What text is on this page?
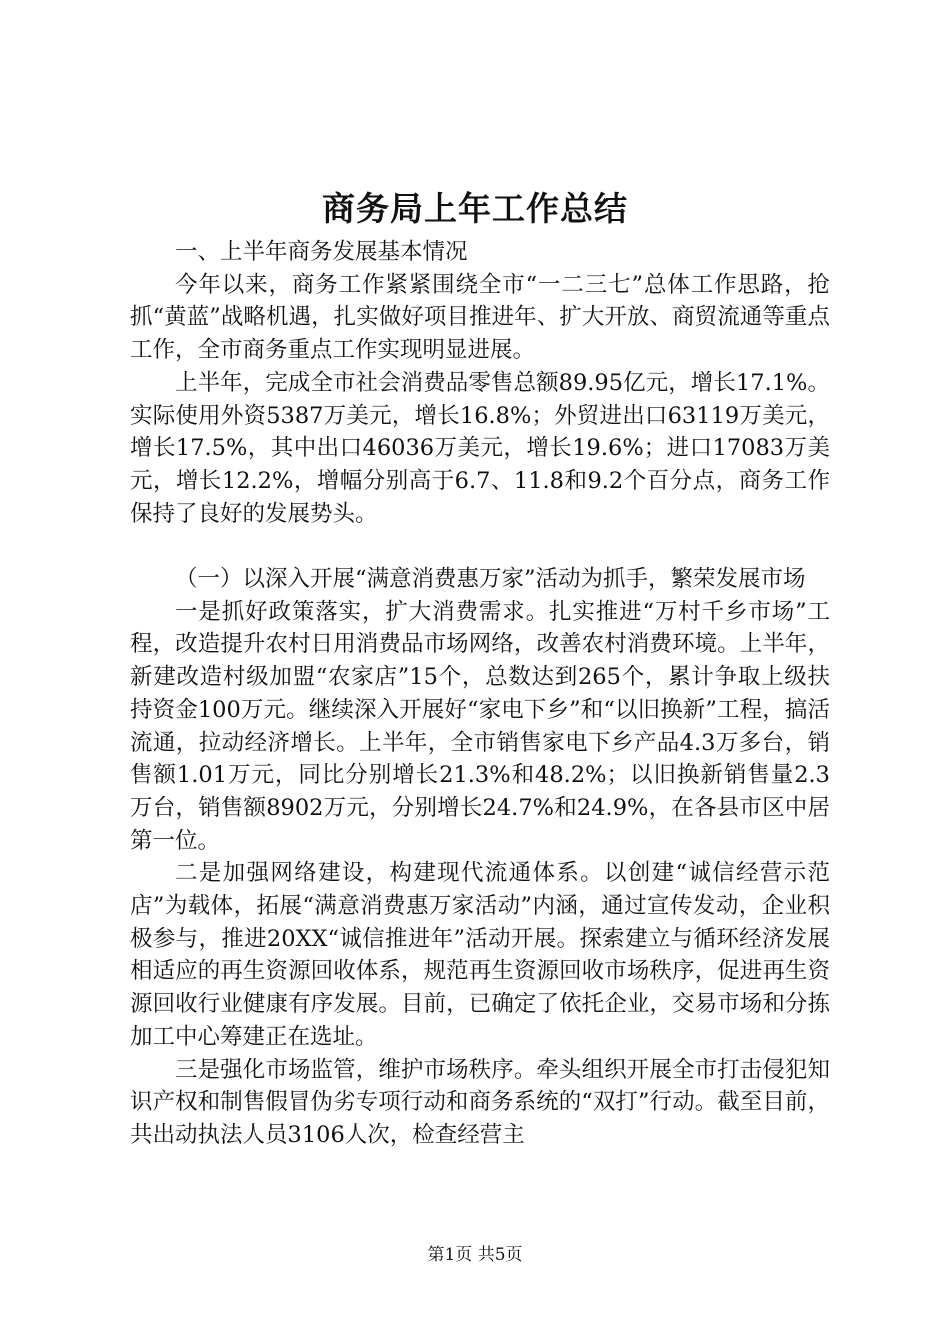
商务局上年工作总结

一、上半年商务发展基本情况

今年以来，商务工作紧紧围绕全市“一二三七”总体工作思路，抢抓“黄蓝”战略机遇，扎实做好项目推进年、扩大开放、商贸流通等重点工作，全市商务重点工作实现明显进展。

上半年，完成全市社会消费品零售总额89.95亿元，增长17.1%。实际使用外资5387万美元，增长16.8%；外贸进出口63119万美元，增长17.5%，其中出口46036万美元，增长19.6%；进口17083万美元，增长12.2%，增幅分别高于6.7、11.8和9.2个百分点，商务工作保持了良好的发展势头。

（一）以深入开展“满意消费惠万家”活动为抓手，繁荣发展市场

一是抓好政策落实，扩大消费需求。扎实推进“万村千乡市场”工程，改造提升农村日用消费品市场网络，改善农村消费环境。上半年，新建改造村级加盟“农家店”15个，总数达到265个，累计争取上级扶持资金100万元。继续深入开展好“家电下乡”和“以旧换新”工程，搞活流通，拉动经济增长。上半年，全市销售家电下乡产品4.3万多台，销售额1.01万元，同比分别增长21.3%和48.2%；以旧换新销售量2.3万台，销售额8902万元，分别增长24.7%和24.9%，在各县市区中居第一位。

二是加强网络建设，构建现代流通体系。以创建“诚信经营示范店”为载体，拓展“满意消费惠万家活动”内涵，通过宣传发动，企业积极参与，推进20XX“诚信推进年”活动开展。探索建立与循环经济发展相适应的再生资源回收体系，规范再生资源回收市场秩序，促进再生资源回收行业健康有序发展。目前，已确定了依托企业，交易市场和分拣加工中心筹建正在选址。

三是强化市场监管，维护市场秩序。牵头组织开展全市打击侵犯知识产权和制售假冒伪劣专项行动和商务系统的“双打”行动。截至目前，共出动执法人员3106人次，检查经营主

第1页 共5页
